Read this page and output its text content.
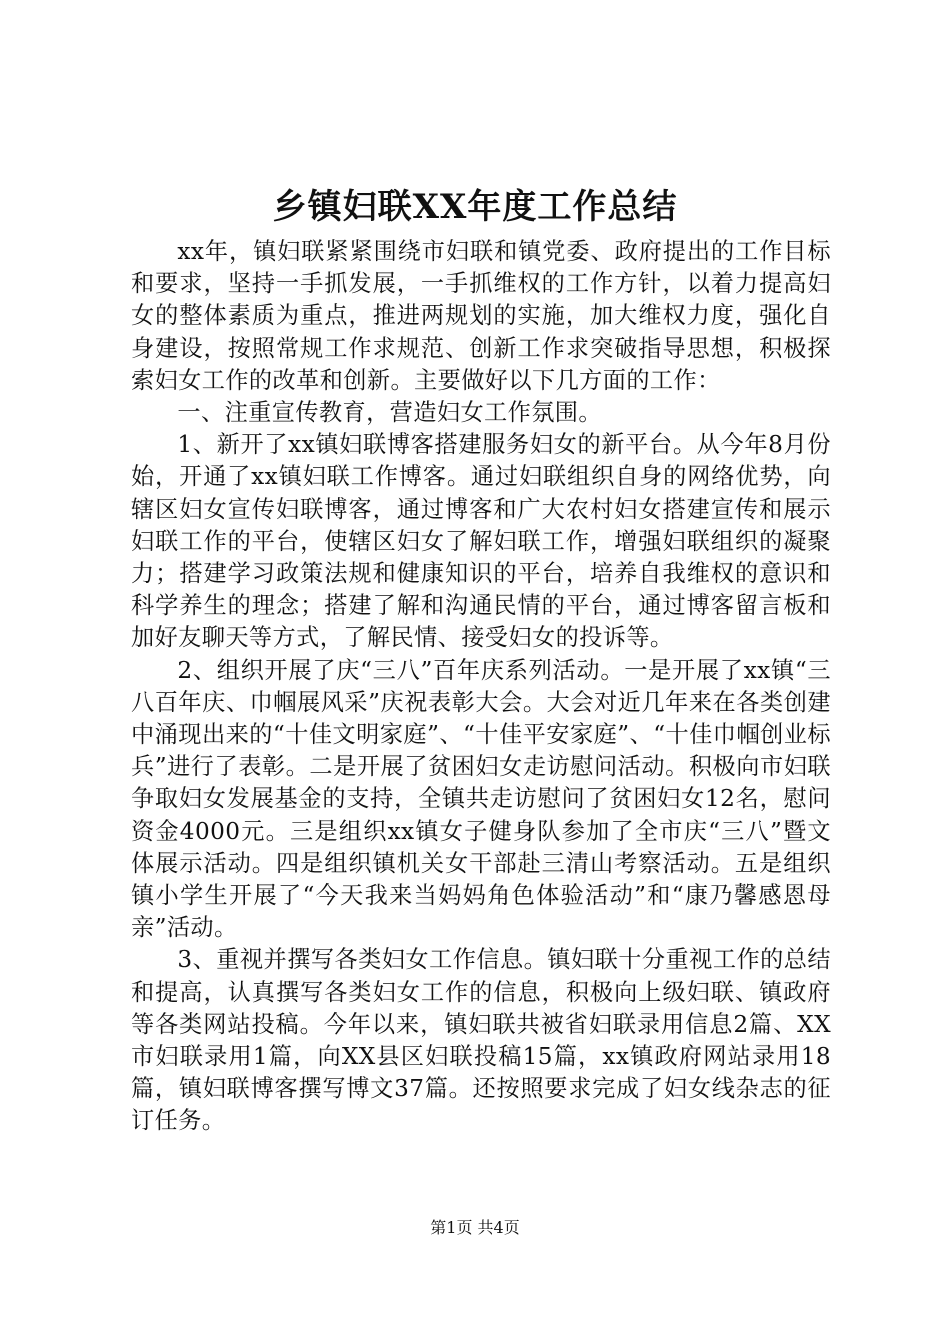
乡镇妇联XX年度工作总结

xx年，镇妇联紧紧围绕市妇联和镇党委、政府提出的工作目标和要求，坚持一手抓发展，一手抓维权的工作方针，以着力提高妇女的整体素质为重点，推进两规划的实施，加大维权力度，强化自身建设，按照常规工作求规范、创新工作求突破指导思想，积极探索妇女工作的改革和创新。主要做好以下几方面的工作：

一、注重宣传教育，营造妇女工作氛围。

1、新开了xx镇妇联博客搭建服务妇女的新平台。从今年8月份始，开通了xx镇妇联工作博客。通过妇联组织自身的网络优势，向辖区妇女宣传妇联博客，通过博客和广大农村妇女搭建宣传和展示妇联工作的平台，使辖区妇女了解妇联工作，增强妇联组织的凝聚力；搭建学习政策法规和健康知识的平台，培养自我维权的意识和科学养生的理念；搭建了解和沟通民情的平台，通过博客留言板和加好友聊天等方式，了解民情、接受妇女的投诉等。

2、组织开展了庆“三八”百年庆系列活动。一是开展了xx镇“三八百年庆、巾帼展风采”庆祝表彰大会。大会对近几年来在各类创建中涌现出来的“十佳文明家庭”、“十佳平安家庭”、“十佳巾帼创业标兵”进行了表彰。二是开展了贫困妇女走访慰问活动。积极向市妇联争取妇女发展基金的支持，全镇共走访慰问了贫困妇女12名，慰问资金4000元。三是组织xx镇女子健身队参加了全市庆“三八”暨文体展示活动。四是组织镇机关女干部赴三清山考察活动。五是组织镇小学生开展了“今天我来当妈妈角色体验活动”和“康乃馨感恩母亲”活动。

3、重视并撰写各类妇女工作信息。镇妇联十分重视工作的总结和提高，认真撰写各类妇女工作的信息，积极向上级妇联、镇政府等各类网站投稿。今年以来，镇妇联共被省妇联录用信息2篇、XX市妇联录用1篇，向XX县区妇联投稿15篇，xx镇政府网站录用18篇，镇妇联博客撰写博文37篇。还按照要求完成了妇女线杂志的征订任务。

第1页 共4页
